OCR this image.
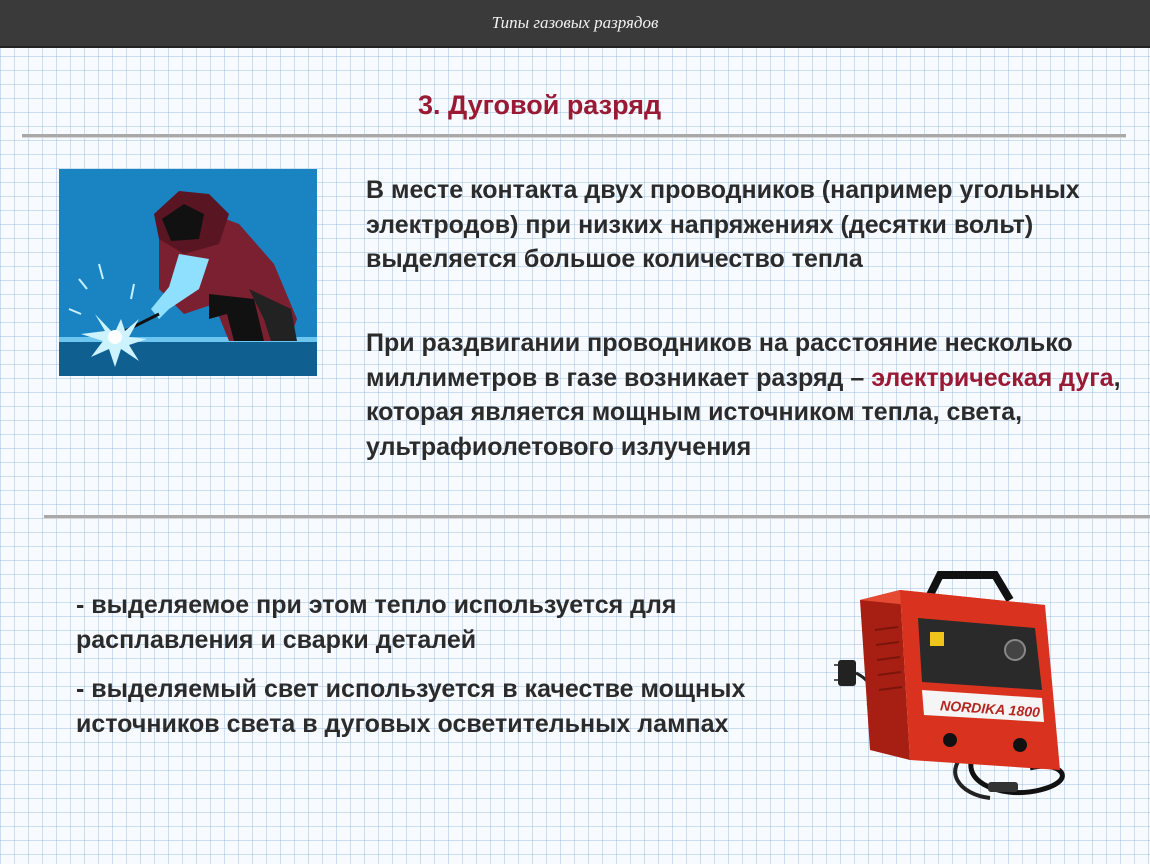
Типы газовых разрядов
3. Дуговой разряд
В месте контакта двух проводников (например угольных электродов) при низких напряжениях (десятки вольт) выделяется большое количество тепла
При раздвигании проводников на расстояние несколько миллиметров в газе возникает разряд – электрическая дуга, которая является мощным источником тепла, света, ультрафиолетового излучения
- выделяемое при этом тепло используется для расплавления и сварки деталей
- выделяемый свет используется в качестве мощных источников света в дуговых осветительных лампах
NORDIKA 1800
